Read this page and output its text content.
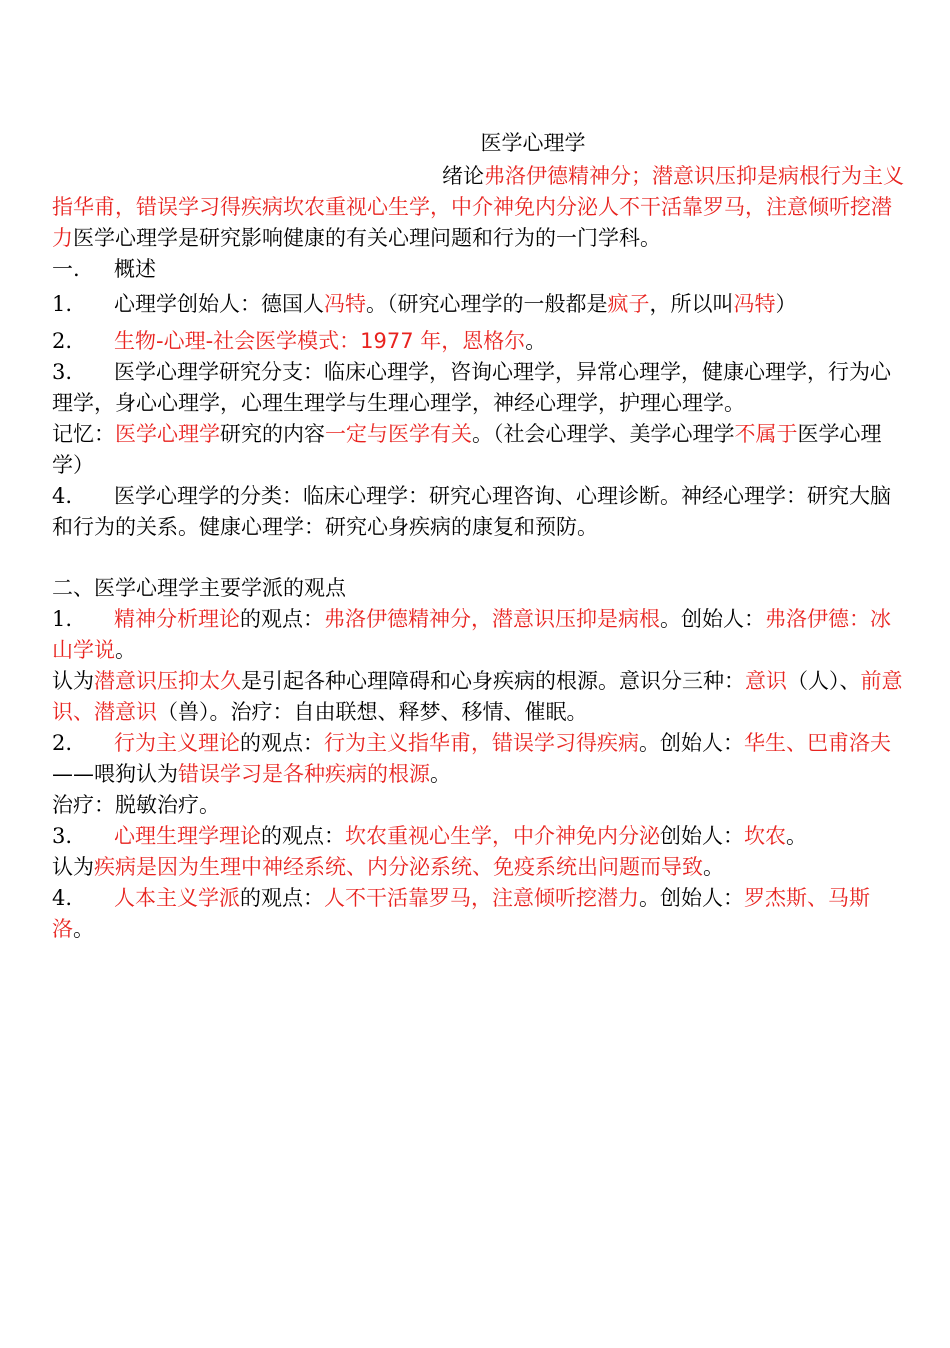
医学心理学
绪论弗洛伊德精神分；潜意识压抑是病根行为主义指华甫，错误学习得疾病坎农重视心生学，中介神免内分泌人不干活靠罗马，注意倾听挖潜力医学心理学是研究影响健康的有关心理问题和行为的一门学科。
一. 概述
1. 心理学创始人：德国人冯特。（研究心理学的一般都是疯子，所以叫冯特）
2. 生物-心理-社会医学模式：1977 年，恩格尔。
3. 医学心理学研究分支：临床心理学，咨询心理学，异常心理学，健康心理学，行为心理学，身心心理学，心理生理学与生理心理学，神经心理学，护理心理学。
记忆：医学心理学研究的内容一定与医学有关。（社会心理学、美学心理学不属于医学心理学）
4. 医学心理学的分类：临床心理学：研究心理咨询、心理诊断。神经心理学：研究大脑和行为的关系。健康心理学：研究心身疾病的康复和预防。
二、医学心理学主要学派的观点
1. 精神分析理论的观点：弗洛伊德精神分，潜意识压抑是病根。创始人：弗洛伊德：冰山学说。
认为潜意识压抑太久是引起各种心理障碍和心身疾病的根源。意识分三种：意识（人）、前意识、潜意识（兽）。治疗：自由联想、释梦、移情、催眠。
2. 行为主义理论的观点：行为主义指华甫，错误学习得疾病。创始人：华生、巴甫洛夫——喂狗认为错误学习是各种疾病的根源。
治疗：脱敏治疗。
3. 心理生理学理论的观点：坎农重视心生学，中介神免内分泌创始人：坎农。
认为疾病是因为生理中神经系统、内分泌系统、免疫系统出问题而导致。
4. 人本主义学派的观点：人不干活靠罗马，注意倾听挖潜力。创始人：罗杰斯、马斯洛。
